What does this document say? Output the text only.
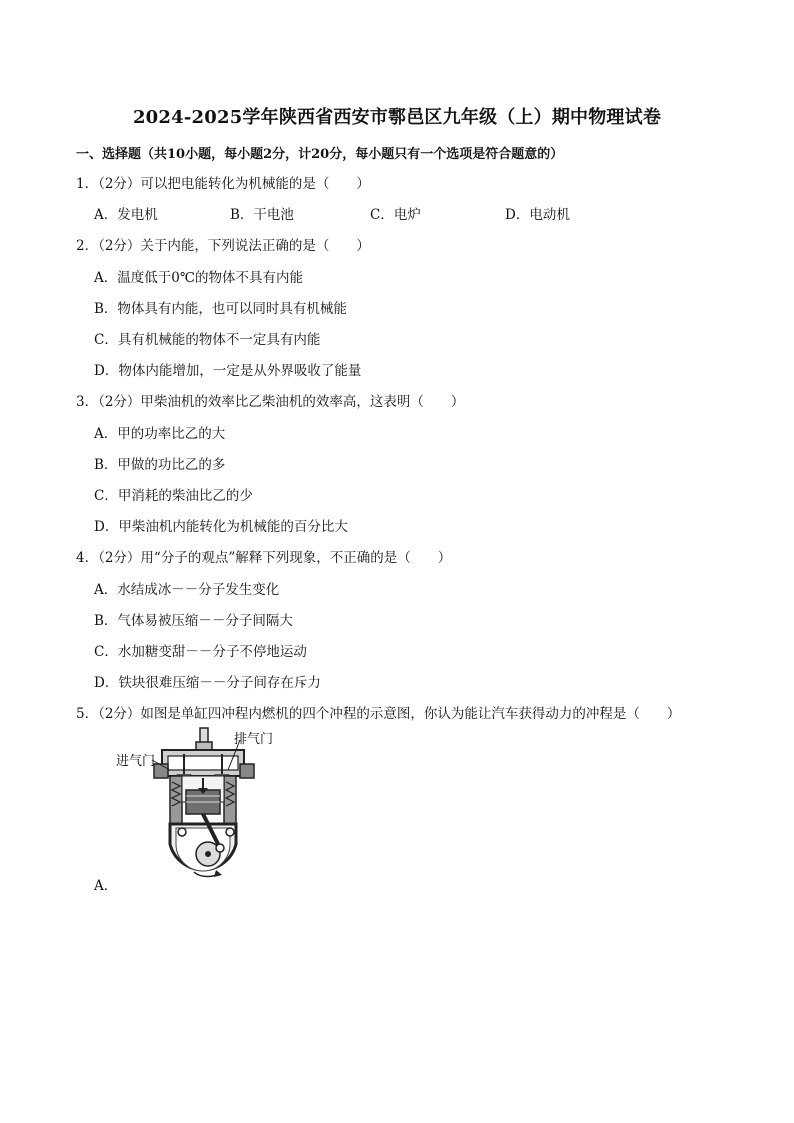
2024-2025学年陕西省西安市鄠邑区九年级（上）期中物理试卷
一、选择题（共10小题，每小题2分，计20分，每小题只有一个选项是符合题意的）
1．（2分）可以把电能转化为机械能的是（　　）
A．发电机	B．干电池	C．电炉	D．电动机
2．（2分）关于内能，下列说法正确的是（　　）
A．温度低于0℃的物体不具有内能
B．物体具有内能，也可以同时具有机械能
C．具有机械能的物体不一定具有内能
D．物体内能增加，一定是从外界吸收了能量
3．（2分）甲柴油机的效率比乙柴油机的效率高，这表明（　　）
A．甲的功率比乙的大
B．甲做的功比乙的多
C．甲消耗的柴油比乙的少
D．甲柴油机内能转化为机械能的百分比大
4．（2分）用“分子的观点”解释下列现象，不正确的是（　　）
A．水结成冰－－分子发生变化
B．气体易被压缩－－分子间隔大
C．水加糖变甜－－分子不停地运动
D．铁块很难压缩－－分子间存在斥力
5．（2分）如图是单缸四冲程内燃机的四个冲程的示意图，你认为能让汽车获得动力的冲程是（　　）
进气门
排气门
A．
